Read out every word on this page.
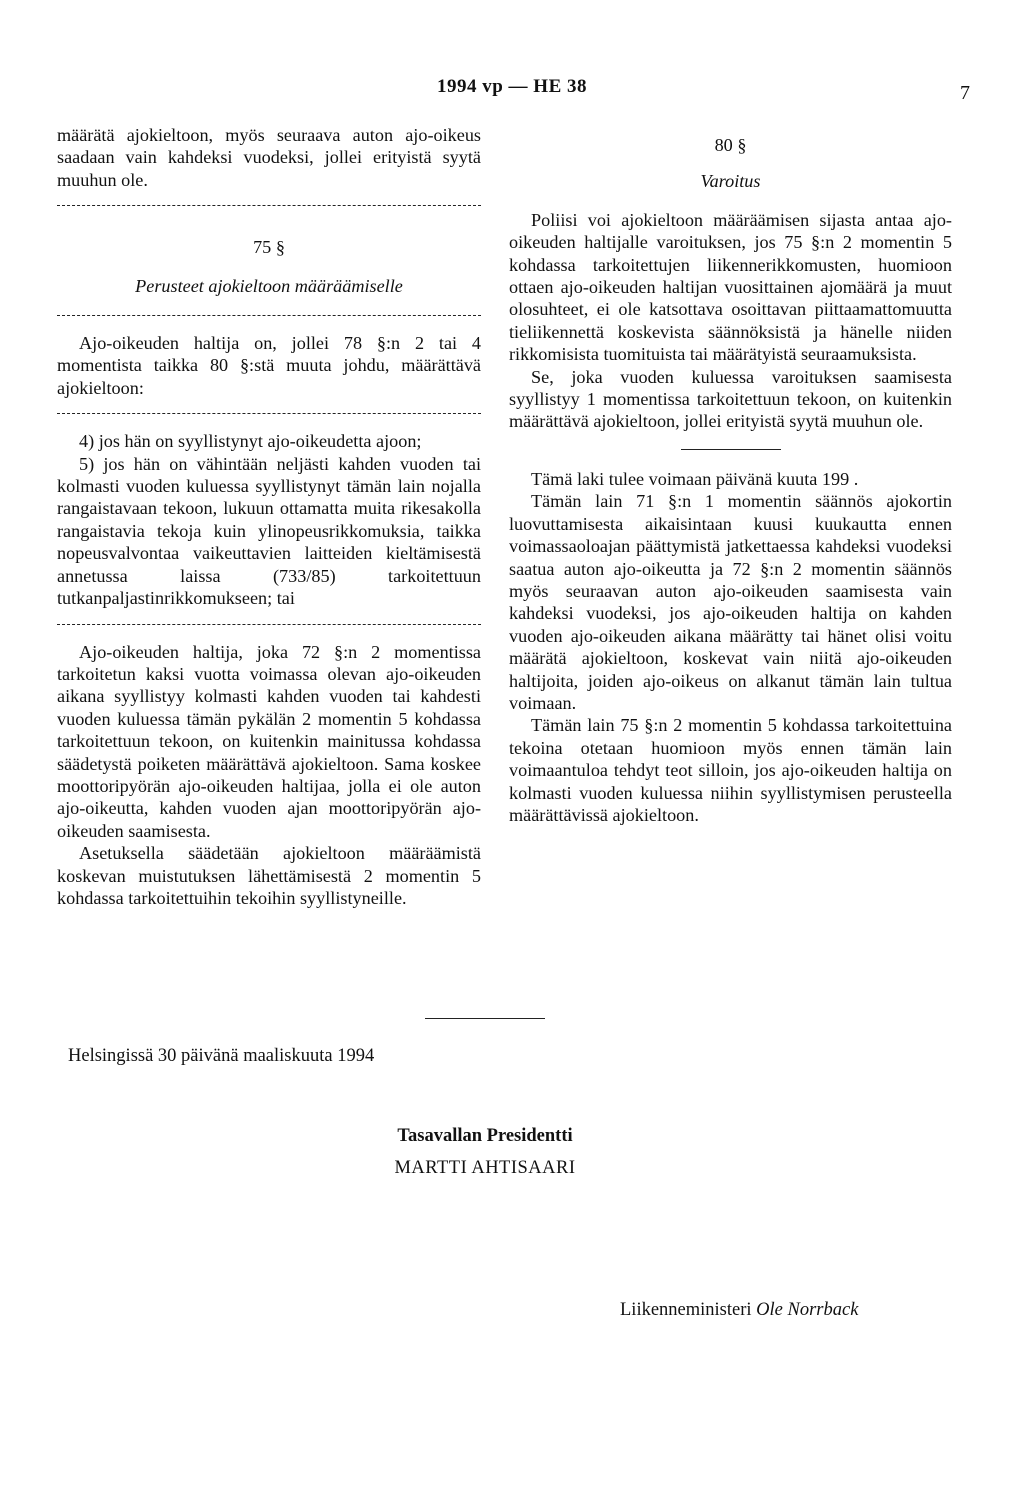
1994 vp — HE 38	7

määrätä ajokieltoon, myös seuraava auton ajo-oikeus saadaan vain kahdeksi vuodeksi, jollei erityistä syytä muuhun ole.

75 §
Perusteet ajokieltoon määräämiselle

Ajo-oikeuden haltija on, jollei 78 §:n 2 tai 4 momentista taikka 80 §:stä muuta johdu, määrättävä ajokieltoon:

4) jos hän on syyllistynyt ajo-oikeudetta ajoon;

5) jos hän on vähintään neljästi kahden vuoden tai kolmasti vuoden kuluessa syyllistynyt tämän lain nojalla rangaistavaan tekoon, lukuun ottamatta muita rikesakolla rangaistavia tekoja kuin ylinopeusrikkomuksia, taikka nopeusvalvontaa vaikeuttavien laitteiden kieltämisestä annetussa laissa (733/85) tarkoitettuun tutkanpaljastinrikkomukseen; tai

Ajo-oikeuden haltija, joka 72 §:n 2 momentissa tarkoitetun kaksi vuotta voimassa olevan ajo-oikeuden aikana syyllistyy kolmasti kahden vuoden tai kahdesti vuoden kuluessa tämän pykälän 2 momentin 5 kohdassa tarkoitettuun tekoon, on kuitenkin mainitussa kohdassa säädetystä poiketen määrättävä ajokieltoon. Sama koskee moottoripyörän ajo-oikeuden haltijaa, jolla ei ole auton ajo-oikeutta, kahden vuoden ajan moottoripyörän ajo-oikeuden saamisesta.

Asetuksella säädetään ajokieltoon määräämistä koskevan muistutuksen lähettämisestä 2 momentin 5 kohdassa tarkoitettuihin tekoihin syyllistyneille.

80 §
Varoitus

Poliisi voi ajokieltoon määräämisen sijasta antaa ajo-oikeuden haltijalle varoituksen, jos 75 §:n 2 momentin 5 kohdassa tarkoitettujen liikennerikkomusten, huomioon ottaen ajo-oikeuden haltijan vuosittainen ajomäärä ja muut olosuhteet, ei ole katsottava osoittavan piittaamattomuutta tieliikennettä koskevista säännöksistä ja hänelle niiden rikkomisista tuomituista tai määrätyistä seuraamuksista.

Se, joka vuoden kuluessa varoituksen saamisesta syyllistyy 1 momentissa tarkoitettuun tekoon, on kuitenkin määrättävä ajokieltoon, jollei erityistä syytä muuhun ole.

Tämä laki tulee voimaan päivänä kuuta 199 .

Tämän lain 71 §:n 1 momentin säännös ajokortin luovuttamisesta aikaisintaan kuusi kuukautta ennen voimassaoloajan päättymistä jatkettaessa kahdeksi vuodeksi saatua auton ajo-oikeutta ja 72 §:n 2 momentin säännös myös seuraavan auton ajo-oikeuden saamisesta vain kahdeksi vuodeksi, jos ajo-oikeuden haltija on kahden vuoden ajo-oikeuden aikana määrätty tai hänet olisi voitu määrätä ajokieltoon, koskevat vain niitä ajo-oikeuden haltijoita, joiden ajo-oikeus on alkanut tämän lain tultua voimaan.

Tämän lain 75 §:n 2 momentin 5 kohdassa tarkoitettuina tekoina otetaan huomioon myös ennen tämän lain voimaantuloa tehdyt teot silloin, jos ajo-oikeuden haltija on kolmasti vuoden kuluessa niihin syyllistymisen perusteella määrättävissä ajokieltoon.

Helsingissä 30 päivänä maaliskuuta 1994
Tasavallan Presidentti
MARTTI AHTISAARI
Liikenneministeri Ole Norrback
